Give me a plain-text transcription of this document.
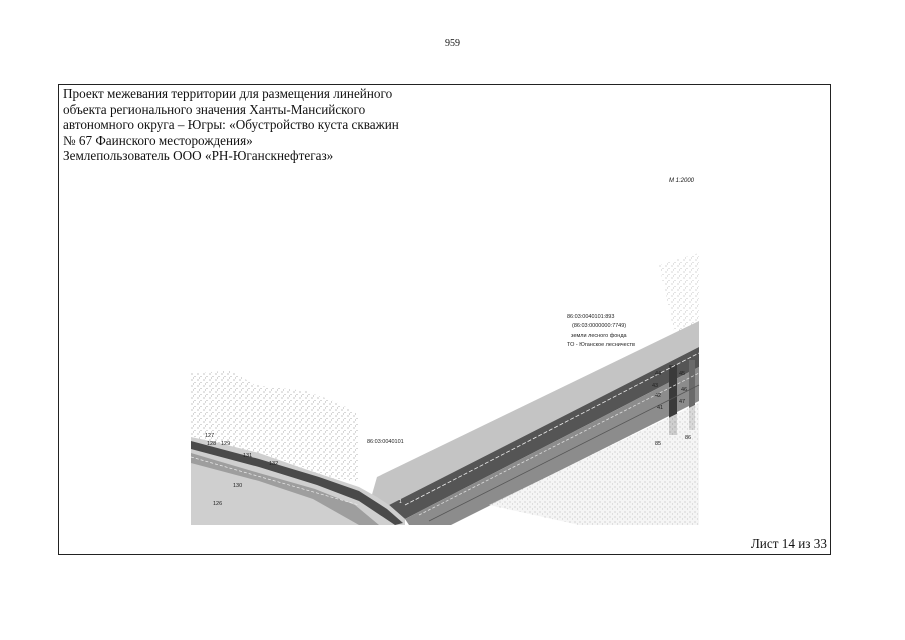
959
Проект межевания территории для размещения линейного
объекта регионального значения Ханты-Мансийского
автономного округа – Югры: «Обустройство куста скважин
№ 67 Фаинского месторождения»
Землепользователь ООО «РН-Юганскнефтегаз»
М 1:2000
86:03:0040101
86:03:0040101:893
(86:03:0000000:7749)
земли лесного фонда
ТО - Юганское лесничеств
127
128 129
131
132
130
126	1
44
43
42
41
45
46
47
85
86
Лист 14 из 33
